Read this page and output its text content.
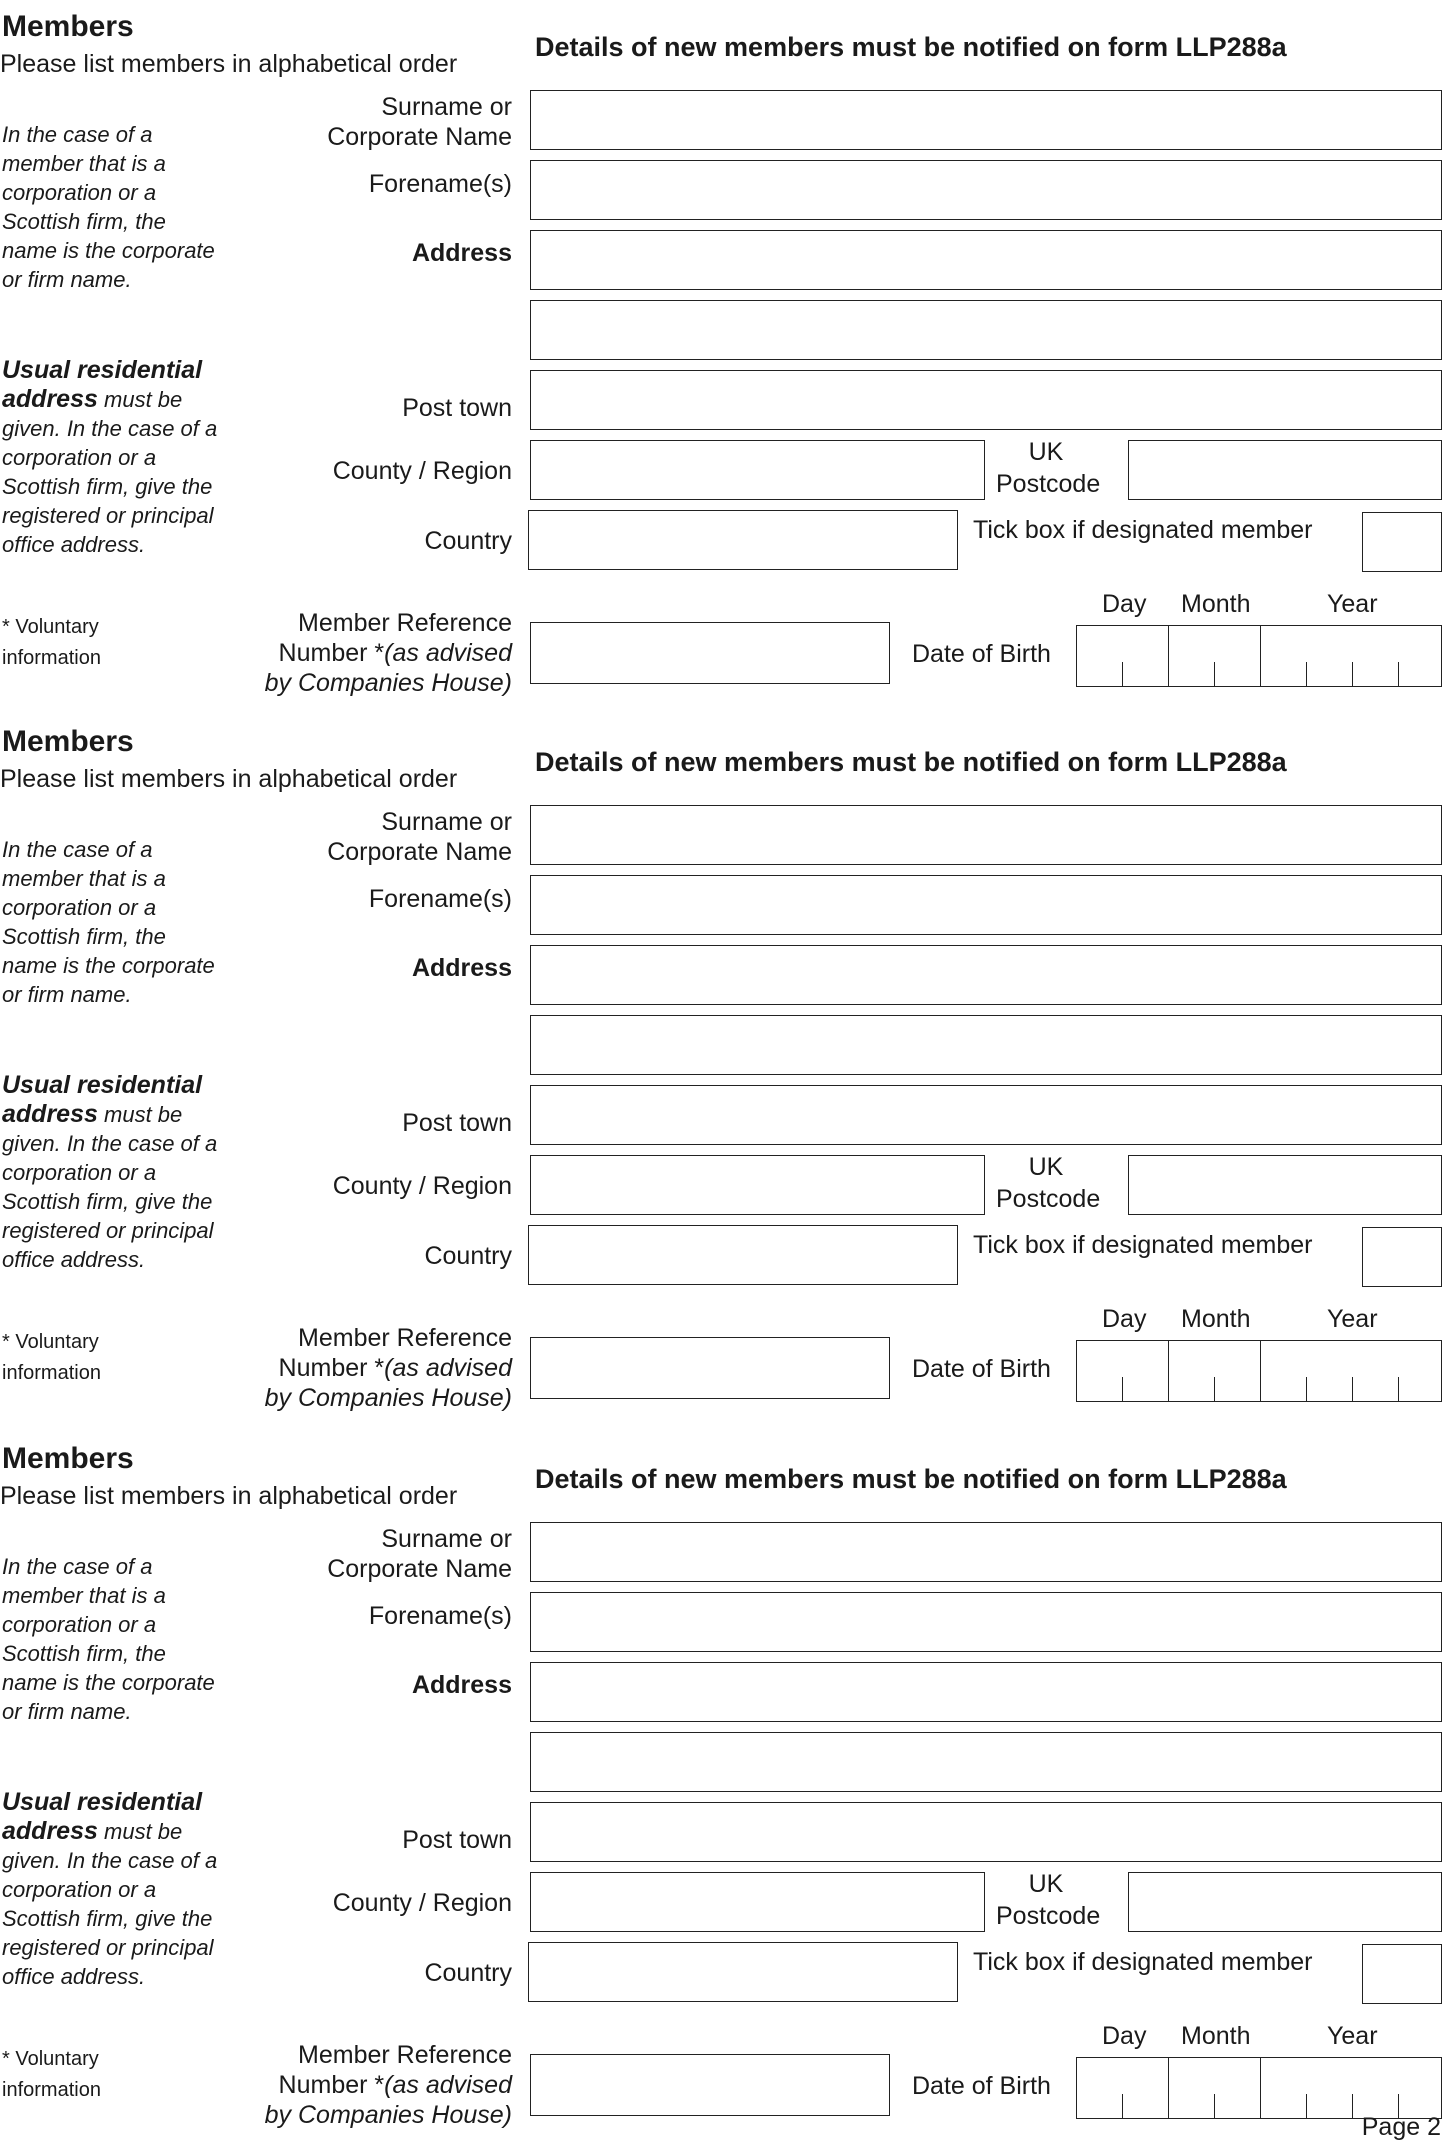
Members
Please list members in alphabetical order
Details of new members must be notified on form LLP288a
In the case of a member that is a corporation or a Scottish firm, the name is the corporate or firm name.
Usual residential address must be given. In the case of a corporation or a Scottish firm, give the registered or principal office address.
* Voluntary information
Surname or Corporate Name
Forename(s)
Address
Post town
County / Region
Country
Member Reference
Number *(as advised
by Companies House)
UK Postcode
Tick box if designated member
Date of Birth
Day Month	Year
Members
Please list members in alphabetical order
Details of new members must be notified on form LLP288a
In the case of a member that is a corporation or a Scottish firm, the name is the corporate or firm name.
Usual residential address must be given. In the case of a corporation or a Scottish firm, give the registered or principal office address.
* Voluntary information
Surname or Corporate Name
Forename(s)
Address
Post town
County / Region
Country
Member Reference
Number *(as advised
by Companies House)
UK Postcode
Tick box if designated member
Date of Birth
Day Month	Year
Members
Please list members in alphabetical order
Details of new members must be notified on form LLP288a
In the case of a member that is a corporation or a Scottish firm, the name is the corporate or firm name.
Usual residential address must be given. In the case of a corporation or a Scottish firm, give the registered or principal office address.
* Voluntary information
Surname or Corporate Name
Forename(s)
Address
Post town
County / Region
Country
Member Reference
Number *(as advised
by Companies House)
UK Postcode
Tick box if designated member
Date of Birth
Day Month	Year
Page 2
